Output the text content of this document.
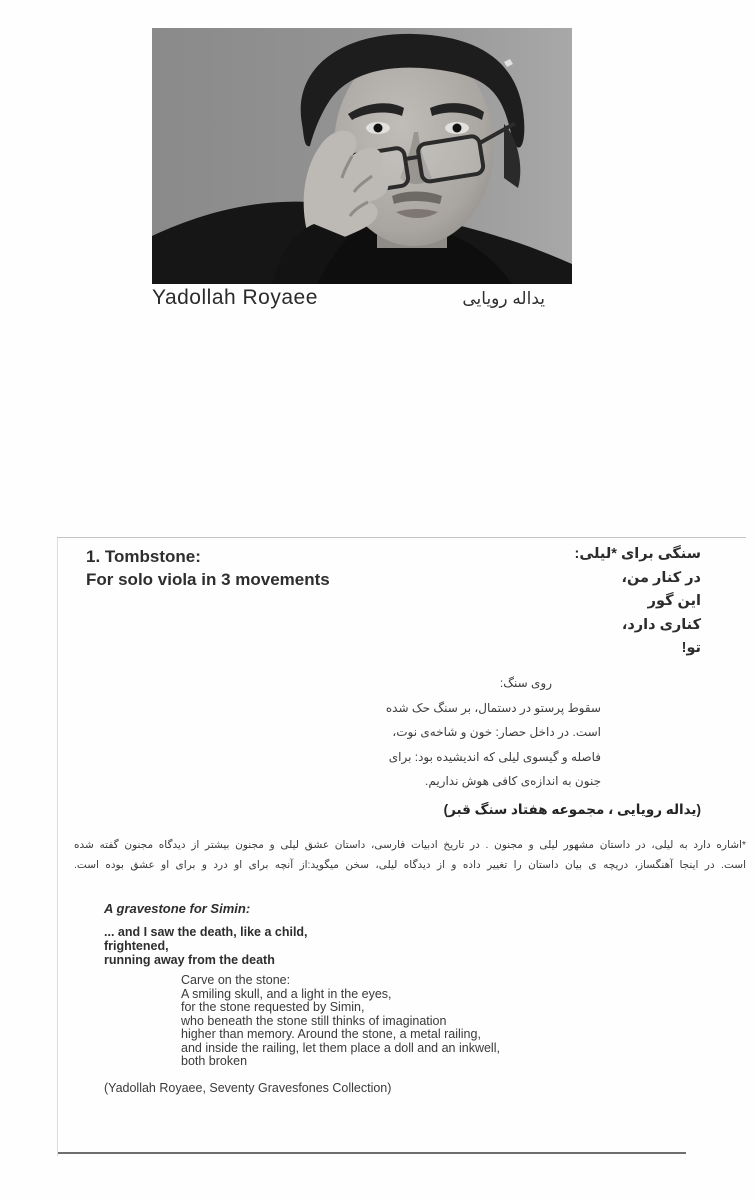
Yadollah Royaee	یداله رویایی
1. Tombstone:
For solo viola in 3 movements
سنگی برای *لیلی:
در کنار من،
این گور
کناری دارد،
تو!
روی سنگ:
سقوط پرستو در دستمال، بر سنگ حک شده
است. در داخل حصار: خون و شاخه‌ی نوت،
فاصله و گیسوی لیلی که اندیشیده بود: برای
جنون به اندازه‌ی کافی هوش نداریم.
(یداله رویایی ، مجموعه هفتاد سنگ قبر)
*اشاره دارد به لیلی، در داستان مشهور لیلی و مجنون . در تاریخ ادبیات فارسی، داستان عشق لیلی و مجنون بیشتر از دیدگاه مجنون گفته شده
است. در اینجا آهنگساز، دریچه ی بیان داستان را تغییر داده و از دیدگاه لیلی، سخن میگوید:از آنچه برای او درد و برای او عشق بوده است.
A gravestone for Simin:
... and I saw the death, like a child,
frightened,
running away from the death
Carve on the stone:
A smiling skull, and a light in the eyes,
for the stone requested by Simin,
who beneath the stone still thinks of imagination
higher than memory. Around the stone, a metal railing,
and inside the railing, let them place a doll and an inkwell,
both broken
(Yadollah Royaee, Seventy Gravesfones Collection)
